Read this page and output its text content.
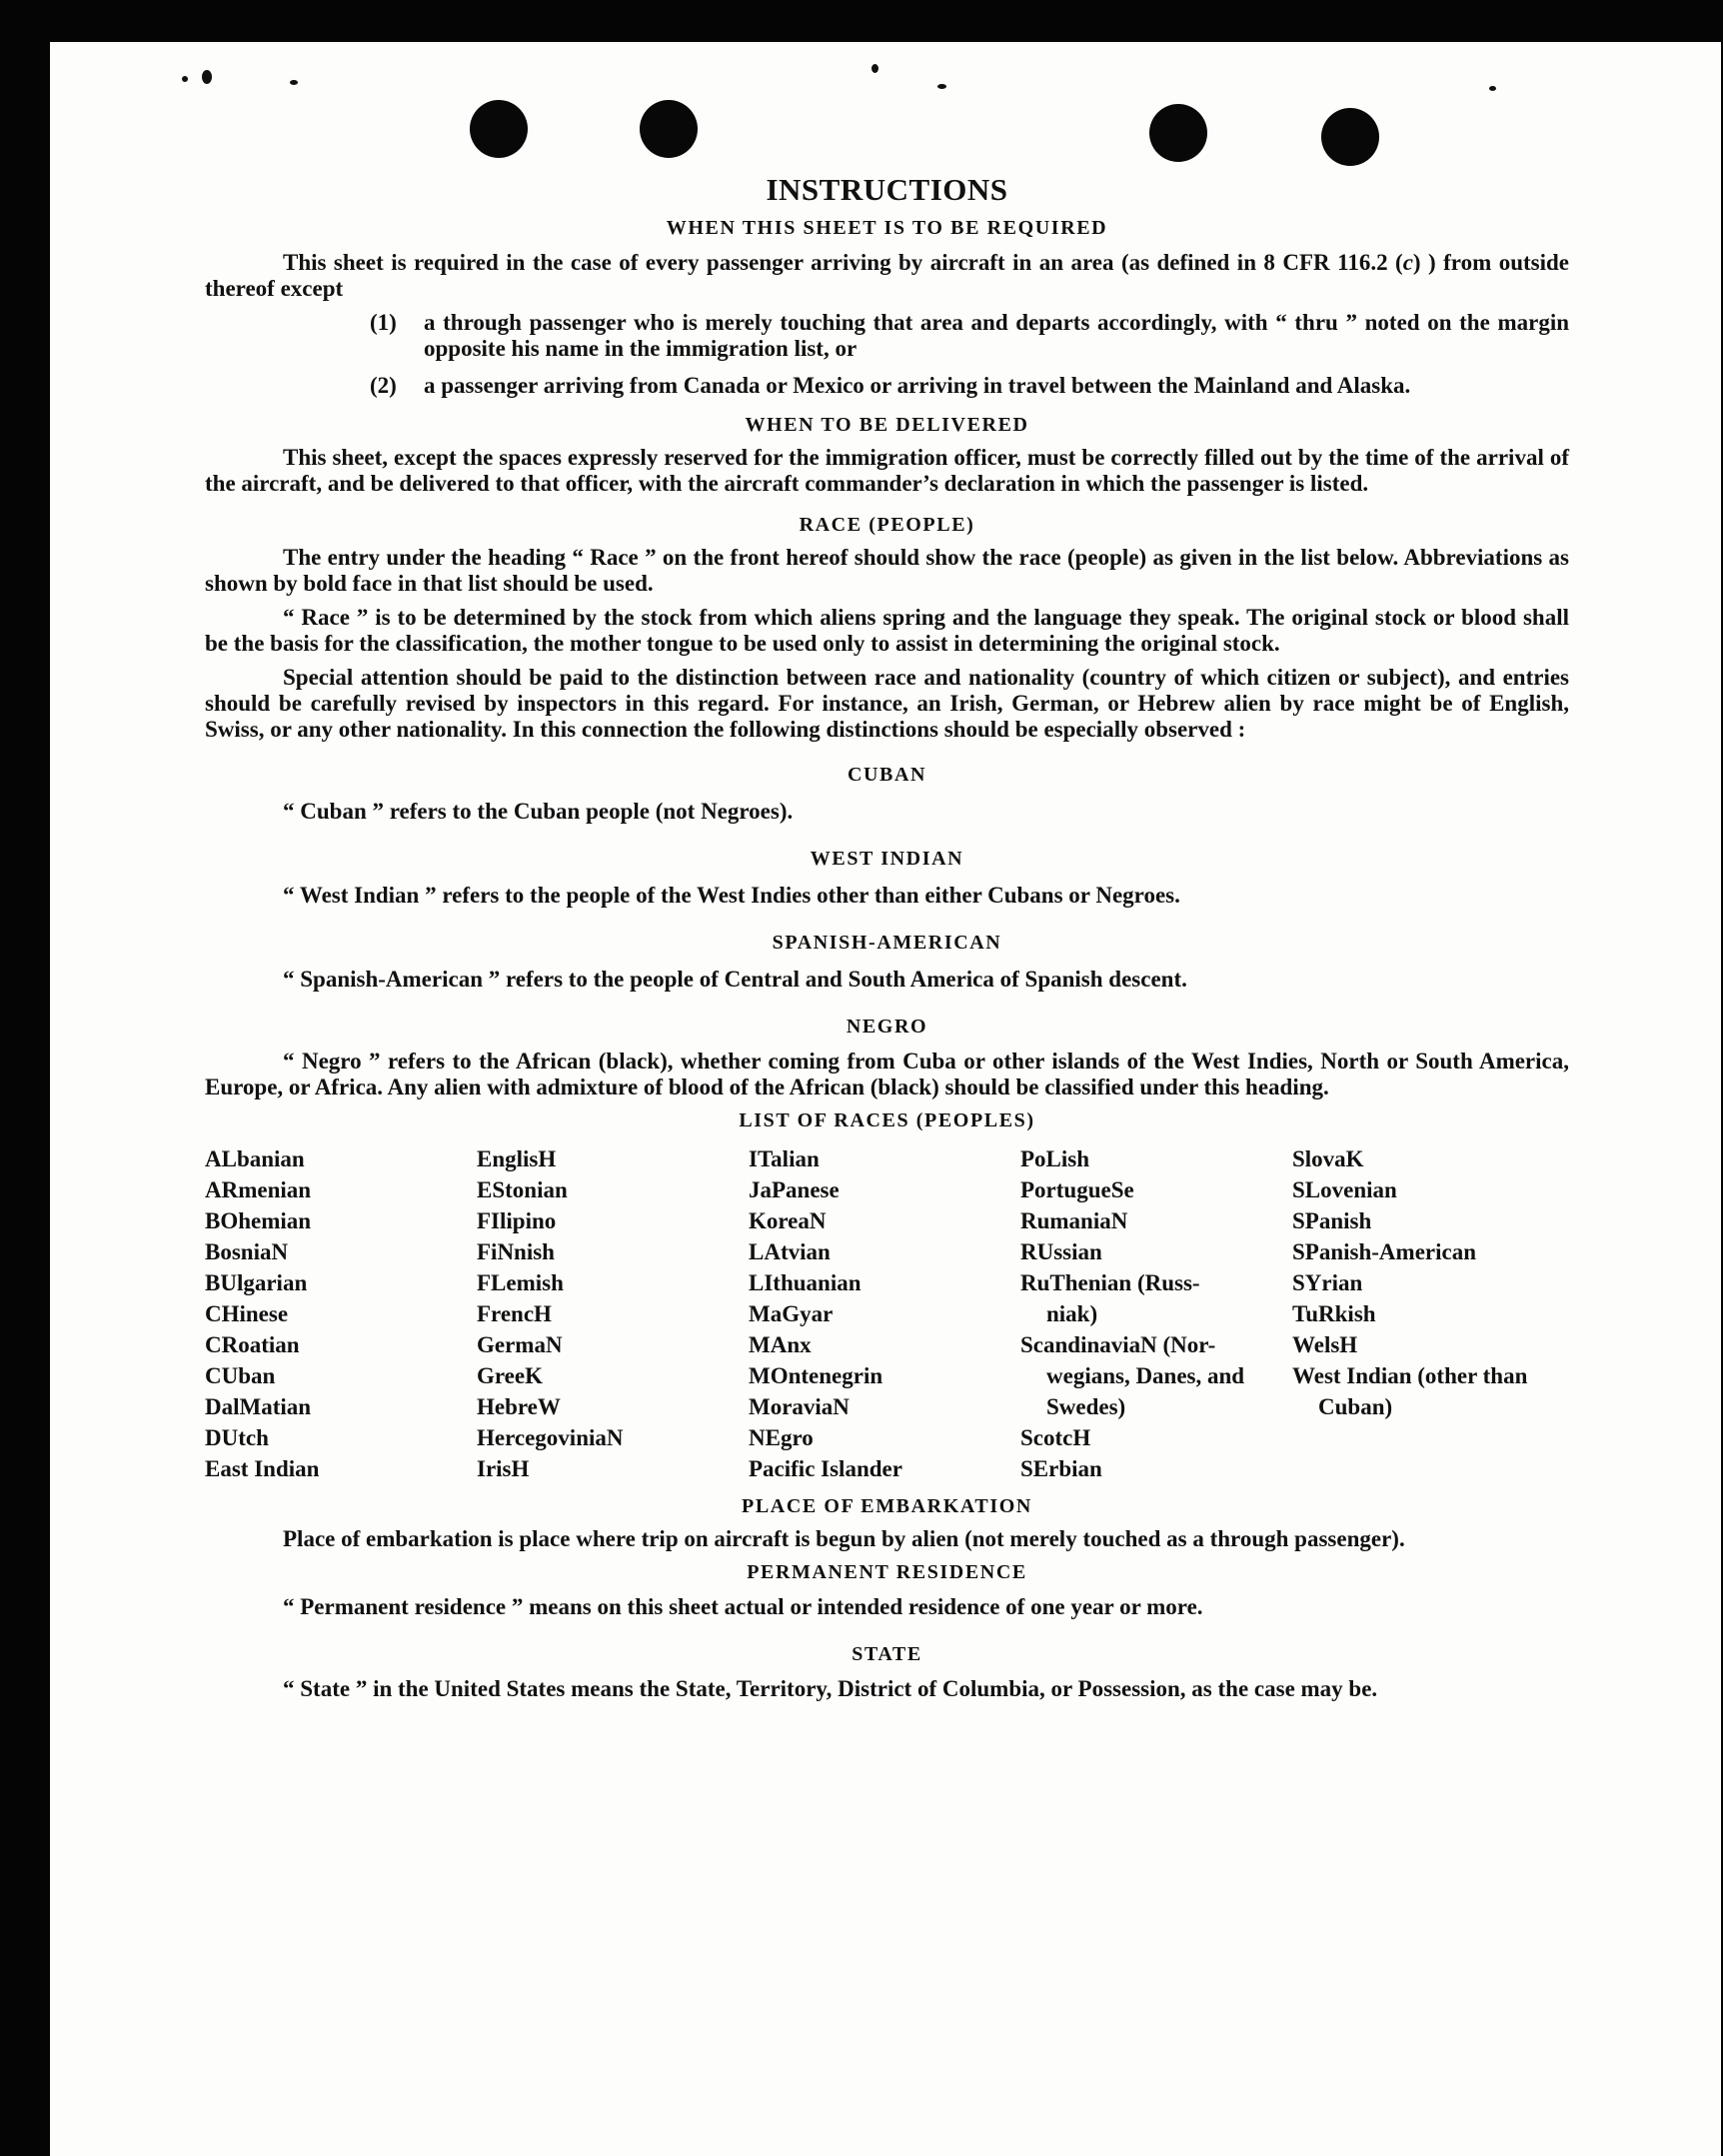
INSTRUCTIONS
WHEN THIS SHEET IS TO BE REQUIRED

This sheet is required in the case of every passenger arriving by aircraft in an area (as defined in 8 CFR 116.2 (c) ) from outside thereof except

(1)	a through passenger who is merely touching that area and departs accordingly, with “ thru ” noted on the margin opposite his name in the immigration list, or
(2)	a passenger arriving from Canada or Mexico or arriving in travel between the Mainland and Alaska.
WHEN TO BE DELIVERED

This sheet, except the spaces expressly reserved for the immigration officer, must be correctly filled out by the time of the arrival of the aircraft, and be delivered to that officer, with the aircraft commander’s declaration in which the passenger is listed.

RACE (PEOPLE)

The entry under the heading “ Race ” on the front hereof should show the race (people) as given in the list below. Abbreviations as shown by bold face in that list should be used.

“ Race ” is to be determined by the stock from which aliens spring and the language they speak. The original stock or blood shall be the basis for the classification, the mother tongue to be used only to assist in determining the original stock.

Special attention should be paid to the distinction between race and nationality (country of which citizen or subject), and entries should be carefully revised by inspectors in this regard. For instance, an Irish, German, or Hebrew alien by race might be of English, Swiss, or any other nationality. In this connection the following distinctions should be especially observed :

CUBAN

“ Cuban ” refers to the Cuban people (not Negroes).

WEST INDIAN

“ West Indian ” refers to the people of the West Indies other than either Cubans or Negroes.

SPANISH-AMERICAN

“ Spanish-American ” refers to the people of Central and South America of Spanish descent.

NEGRO

“ Negro ” refers to the African (black), whether coming from Cuba or other islands of the West Indies, North or South America, Europe, or Africa. Any alien with admixture of blood of the African (black) should be classified under this heading.

LIST OF RACES (PEOPLES)
ALbanian
ARmenian
BOhemian
BosniaN
BUlgarian
CHinese
CRoatian
CUban
DalMatian
DUtch
East Indian
EnglisH
EStonian
FIlipino
FiNnish
FLemish
FrencH
GermaN
GreeK
HebreW
HercegoviniaN
IrisH
ITalian
JaPanese
KoreaN
LAtvian
LIthuanian
MaGyar
MAnx
MOntenegrin
MoraviaN
NEgro
Pacific Islander
PoLish
PortugueSe
RumaniaN
RUssian
RuThenian (Russ- niak)
ScandinaviaN (Nor- wegians, Danes, and Swedes)
ScotcH
SErbian
SlovaK
SLovenian
SPanish
SPanish-American
SYrian
TuRkish
WelsH
West Indian (other than Cuban)
PLACE OF EMBARKATION

Place of embarkation is place where trip on aircraft is begun by alien (not merely touched as a through passenger).

PERMANENT RESIDENCE

“ Permanent residence ” means on this sheet actual or intended residence of one year or more.

STATE

“ State ” in the United States means the State, Territory, District of Columbia, or Possession, as the case may be.
